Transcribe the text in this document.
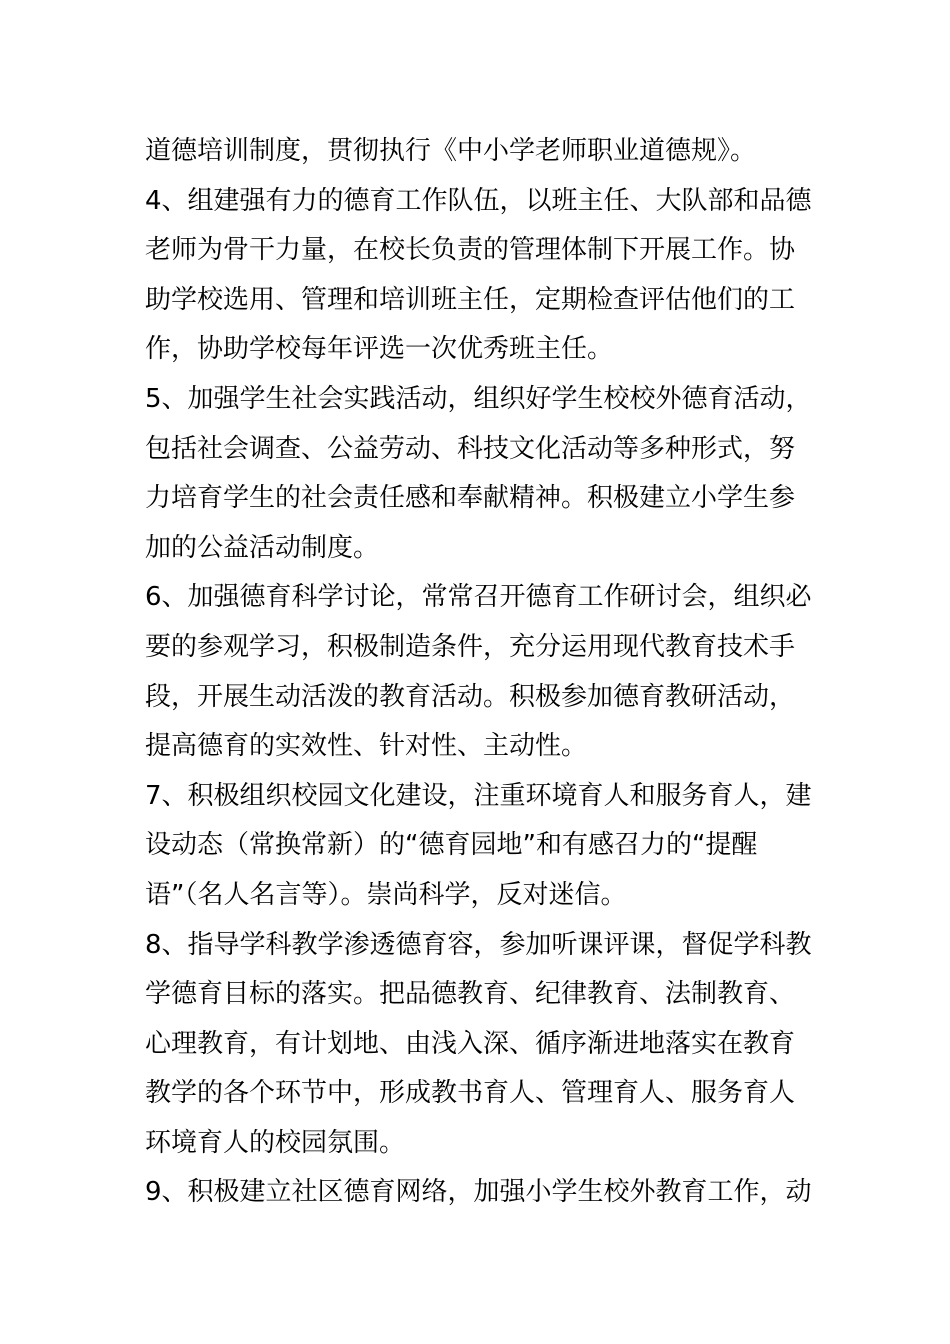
道德培训制度，贯彻执行《中小学老师职业道德规》。
4、组建强有力的德育工作队伍，以班主任、大队部和品德
老师为骨干力量，在校长负责的管理体制下开展工作。协
助学校选用、管理和培训班主任，定期检查评估他们的工
作，协助学校每年评选一次优秀班主任。
5、加强学生社会实践活动，组织好学生校校外德育活动，
包括社会调查、公益劳动、科技文化活动等多种形式，努
力培育学生的社会责任感和奉献精神。积极建立小学生参
加的公益活动制度。
6、加强德育科学讨论，常常召开德育工作研讨会，组织必
要的参观学习，积极制造条件，充分运用现代教育技术手
段，开展生动活泼的教育活动。积极参加德育教研活动，
提高德育的实效性、针对性、主动性。
7、积极组织校园文化建设，注重环境育人和服务育人，建
设动态（常换常新）的“德育园地”和有感召力的“提醒
语”（名人名言等）。崇尚科学，反对迷信。
8、指导学科教学渗透德育容，参加听课评课，督促学科教
学德育目标的落实。把品德教育、纪律教育、法制教育、
心理教育，有计划地、由浅入深、循序渐进地落实在教育
教学的各个环节中，形成教书育人、管理育人、服务育人
环境育人的校园氛围。
9、积极建立社区德育网络，加强小学生校外教育工作，动
